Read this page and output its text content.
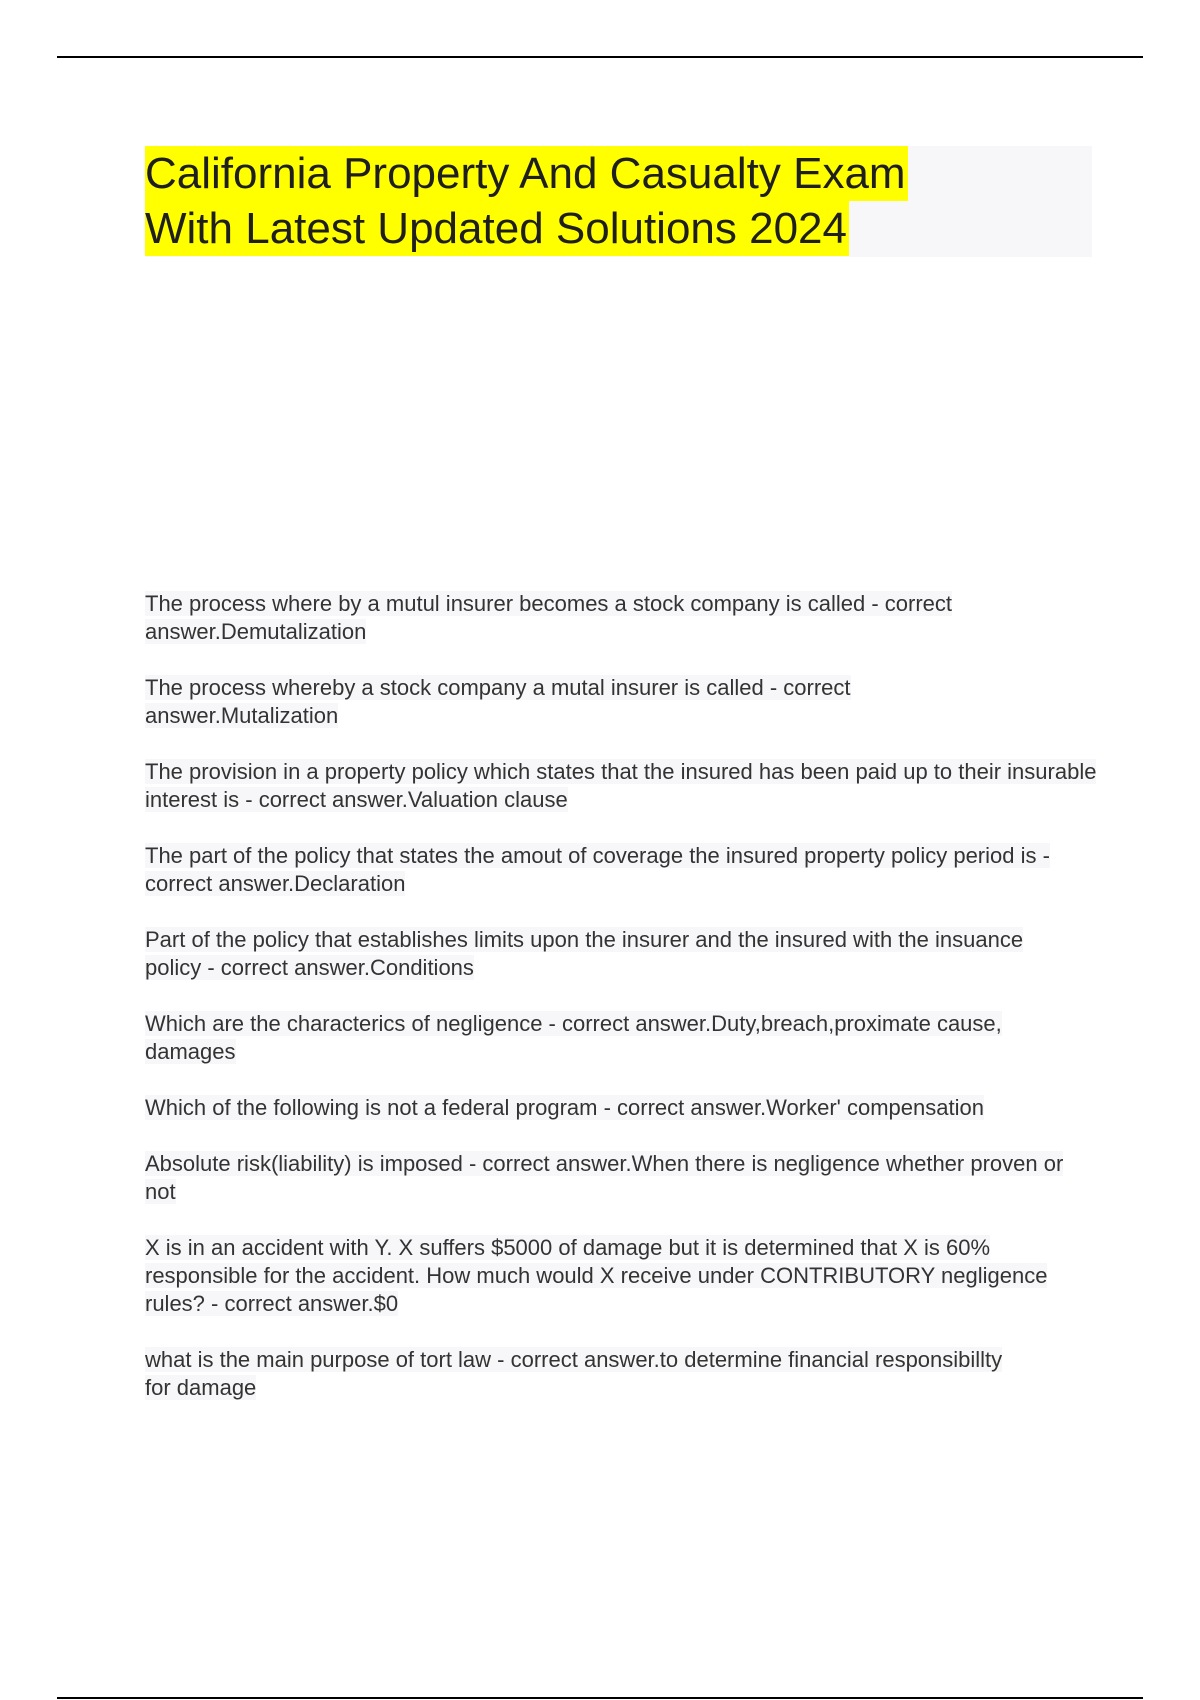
California Property And Casualty Exam
With Latest Updated Solutions 2024
The process where by a mutul insurer becomes a stock company is called - correct answer.Demutalization
The process whereby a stock company a mutal insurer is called - correct answer.Mutalization
The provision in a property policy which states that the insured has been paid up to their insurable interest is - correct answer.Valuation clause
The part of the policy that states the amout of coverage the insured property policy period is - correct answer.Declaration
Part of the policy that establishes limits upon the insurer and the insured with the insuance policy - correct answer.Conditions
Which are the characterics of negligence - correct answer.Duty,breach,proximate cause, damages
Which of the following is not a federal program - correct answer.Worker' compensation
Absolute risk(liability) is imposed - correct answer.When there is negligence whether proven or not
X is in an accident with Y. X suffers $5000 of damage but it is determined that X is 60% responsible for the accident. How much would X receive under CONTRIBUTORY negligence rules? - correct answer.$0
what is the main purpose of tort law - correct answer.to determine financial responsibillty for damage
